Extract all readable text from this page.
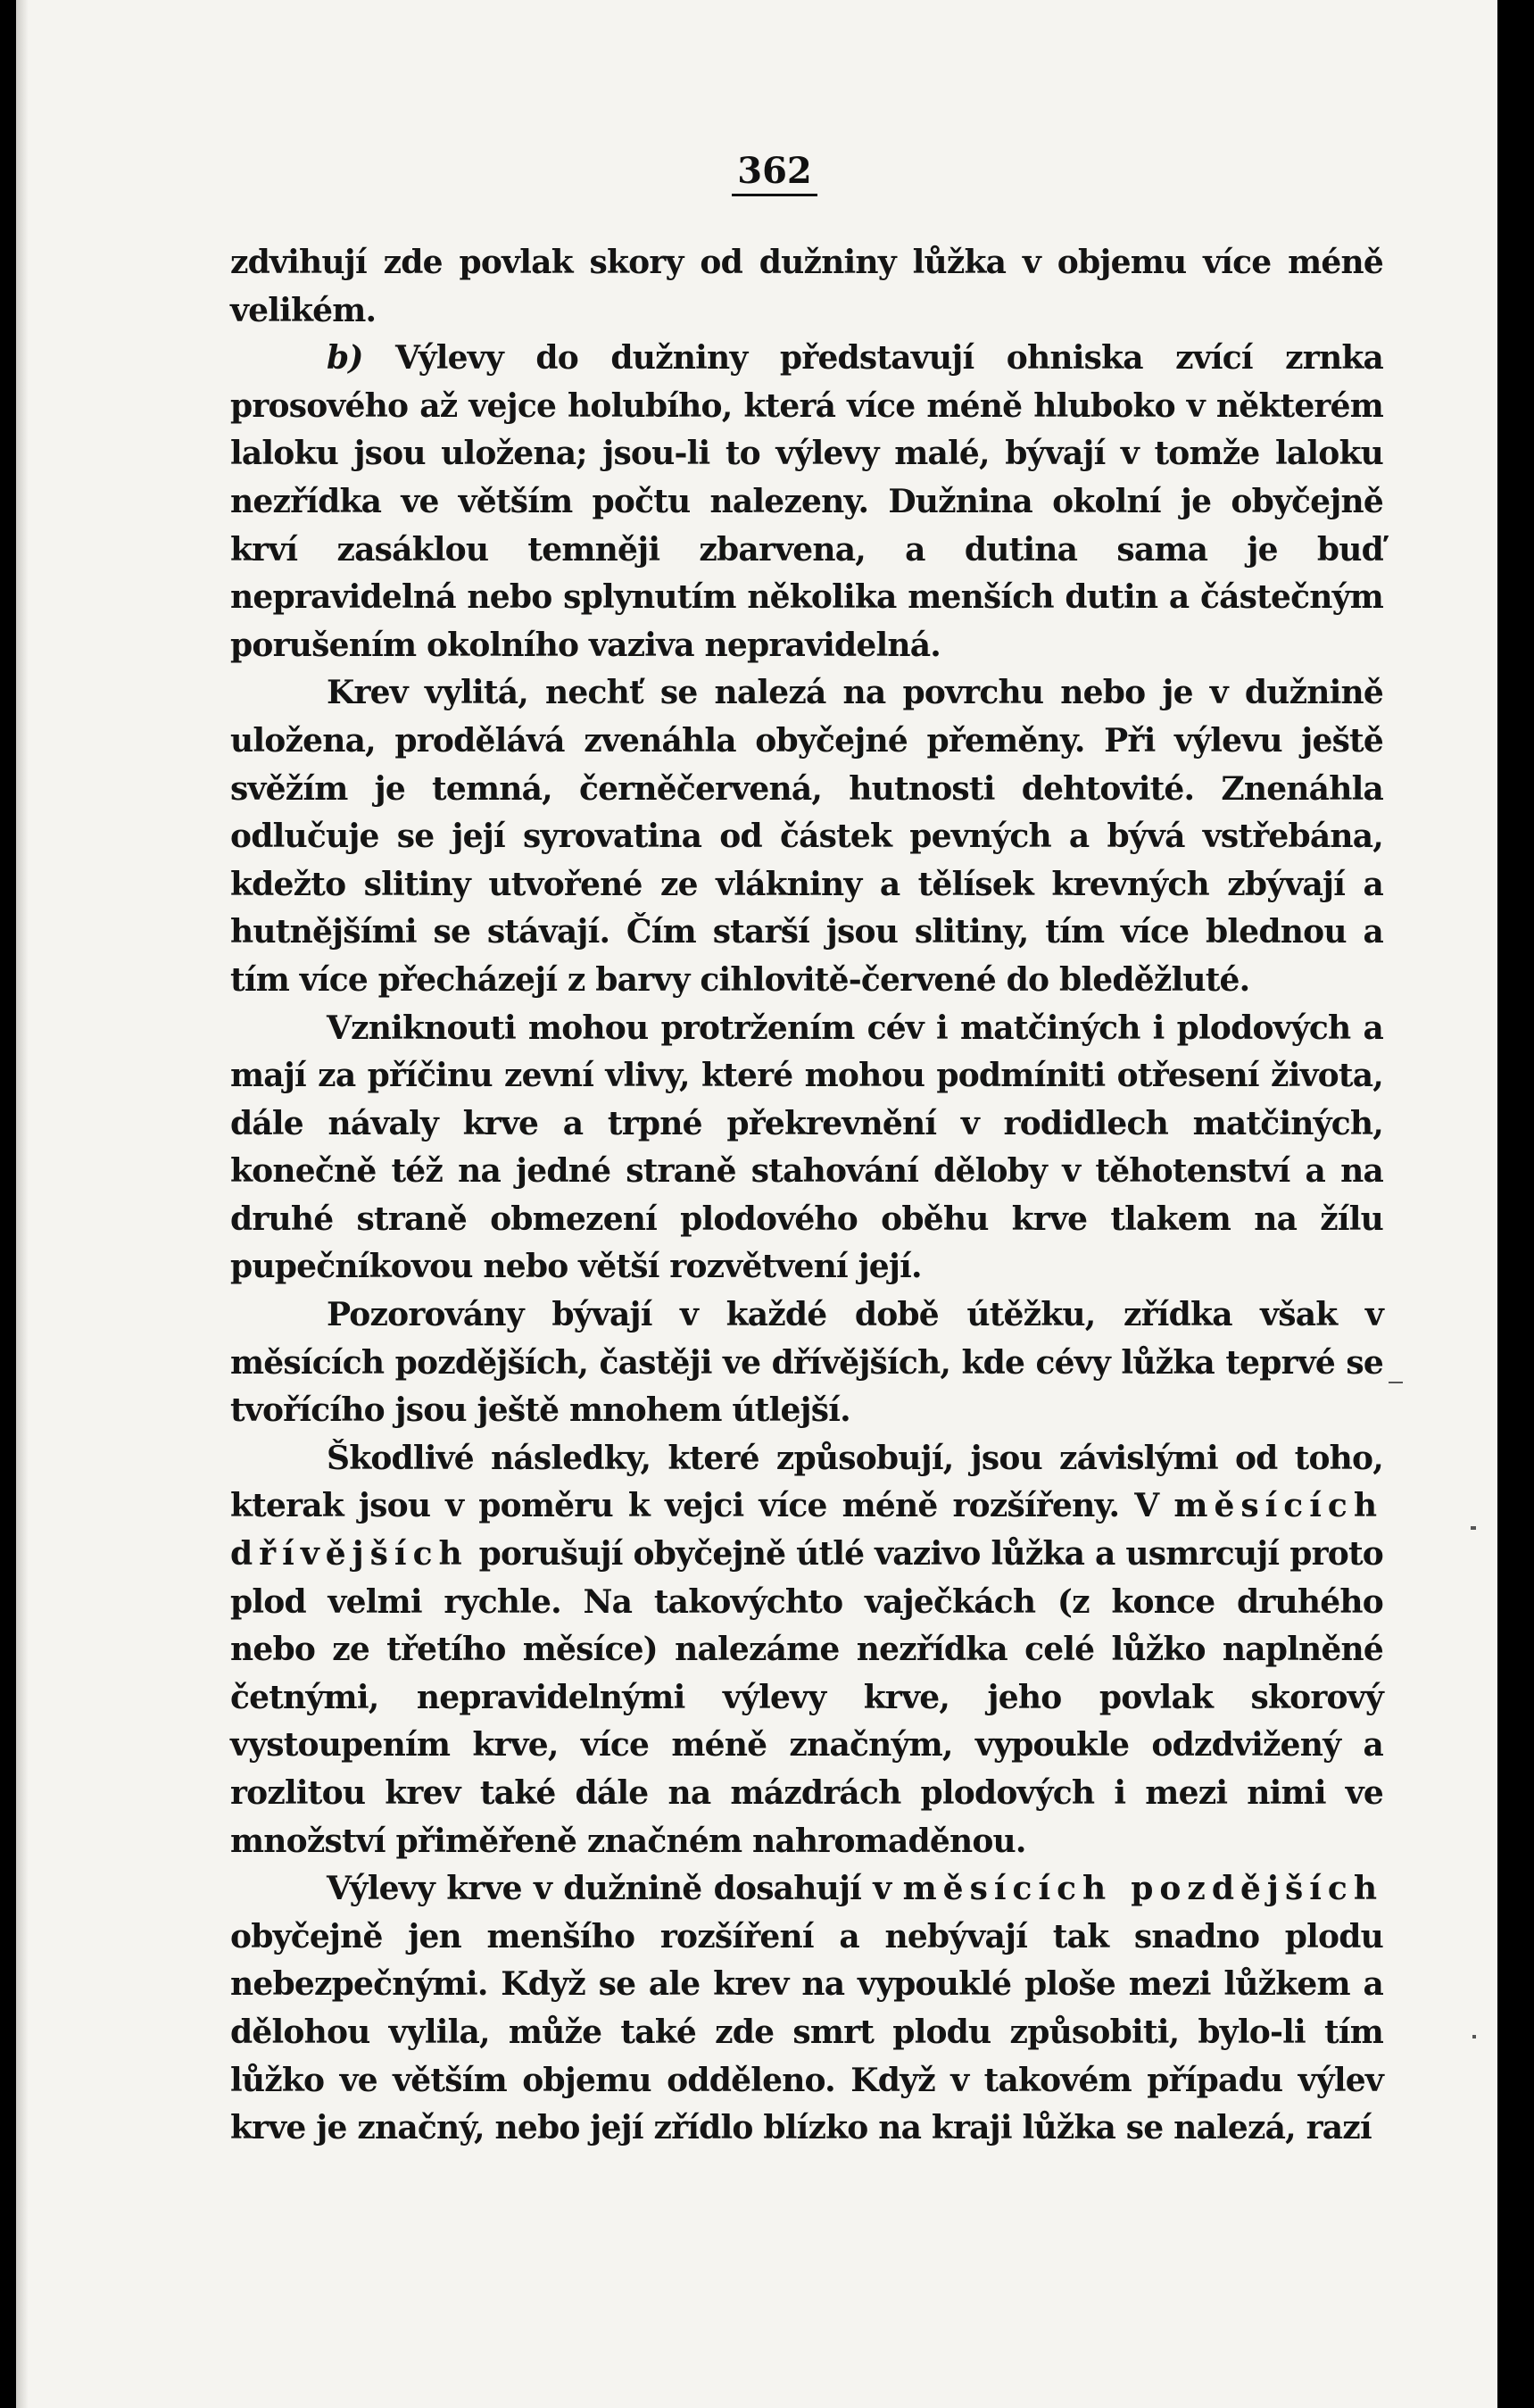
362

zdvihují zde povlak skory od dužniny lůžka v objemu více méně velikém.

b) Výlevy do dužniny představují ohniska zvící zrnka prosového až vejce holubího, která více méně hluboko v některém laloku jsou uložena; jsou-li to výlevy malé, bývají v tomže laloku nezřídka ve větším počtu nalezeny. Dužnina okolní je obyčejně krví zasáklou temněji zbarvena, a dutina sama je buď nepravidelná nebo splynutím několika menších dutin a částečným porušením okolního vaziva nepravidelná.

Krev vylitá, nechť se nalezá na povrchu nebo je v dužnině uložena, prodělává zvenáhla obyčejné přeměny. Při výlevu ještě svěžím je temná, černěčervená, hutnosti dehtovité. Znenáhla odlučuje se její syrovatina od částek pevných a bývá vstřebána, kdežto slitiny utvořené ze vlákniny a tělísek krevných zbývají a hutnějšími se stávají. Čím starší jsou slitiny, tím více blednou a tím více přecházejí z barvy cihlovitě-červené do bleděžluté.

Vzniknouti mohou protržením cév i matčiných i plodových a mají za příčinu zevní vlivy, které mohou podmíniti otřesení života, dále návaly krve a trpné překrevnění v rodidlech matčiných, konečně též na jedné straně stahování děloby v těhotenství a na druhé straně obmezení plodového oběhu krve tlakem na žílu pupečníkovou nebo větší rozvětvení její.

Pozorovány bývají v každé době útěžku, zřídka však v měsících pozdějších, častěji ve dřívějších, kde cévy lůžka teprvé se tvořícího jsou ještě mnohem útlejší.

Škodlivé následky, které způsobují, jsou závislými od toho, kterak jsou v poměru k vejci více méně rozšířeny. V měsících dřívějších porušují obyčejně útlé vazivo lůžka a usmrcují proto plod velmi rychle. Na takovýchto vaječkách (z konce druhého nebo ze třetího měsíce) nalezáme nezřídka celé lůžko naplněné četnými, nepravidelnými výlevy krve, jeho povlak skorový vystoupením krve, více méně značným, vypoukle odzdvižený a rozlitou krev také dále na mázdrách plodových i mezi nimi ve množství přiměřeně značném nahromaděnou.

Výlevy krve v dužnině dosahují v měsících pozdějších obyčejně jen menšího rozšíření a nebývají tak snadno plodu nebezpečnými. Když se ale krev na vypouklé ploše mezi lůžkem a dělohou vylila, může také zde smrt plodu způsobiti, bylo-li tím lůžko ve větším objemu odděleno. Když v takovém případu výlev krve je značný, nebo její zřídlo blízko na kraji lůžka se nalezá, razí
